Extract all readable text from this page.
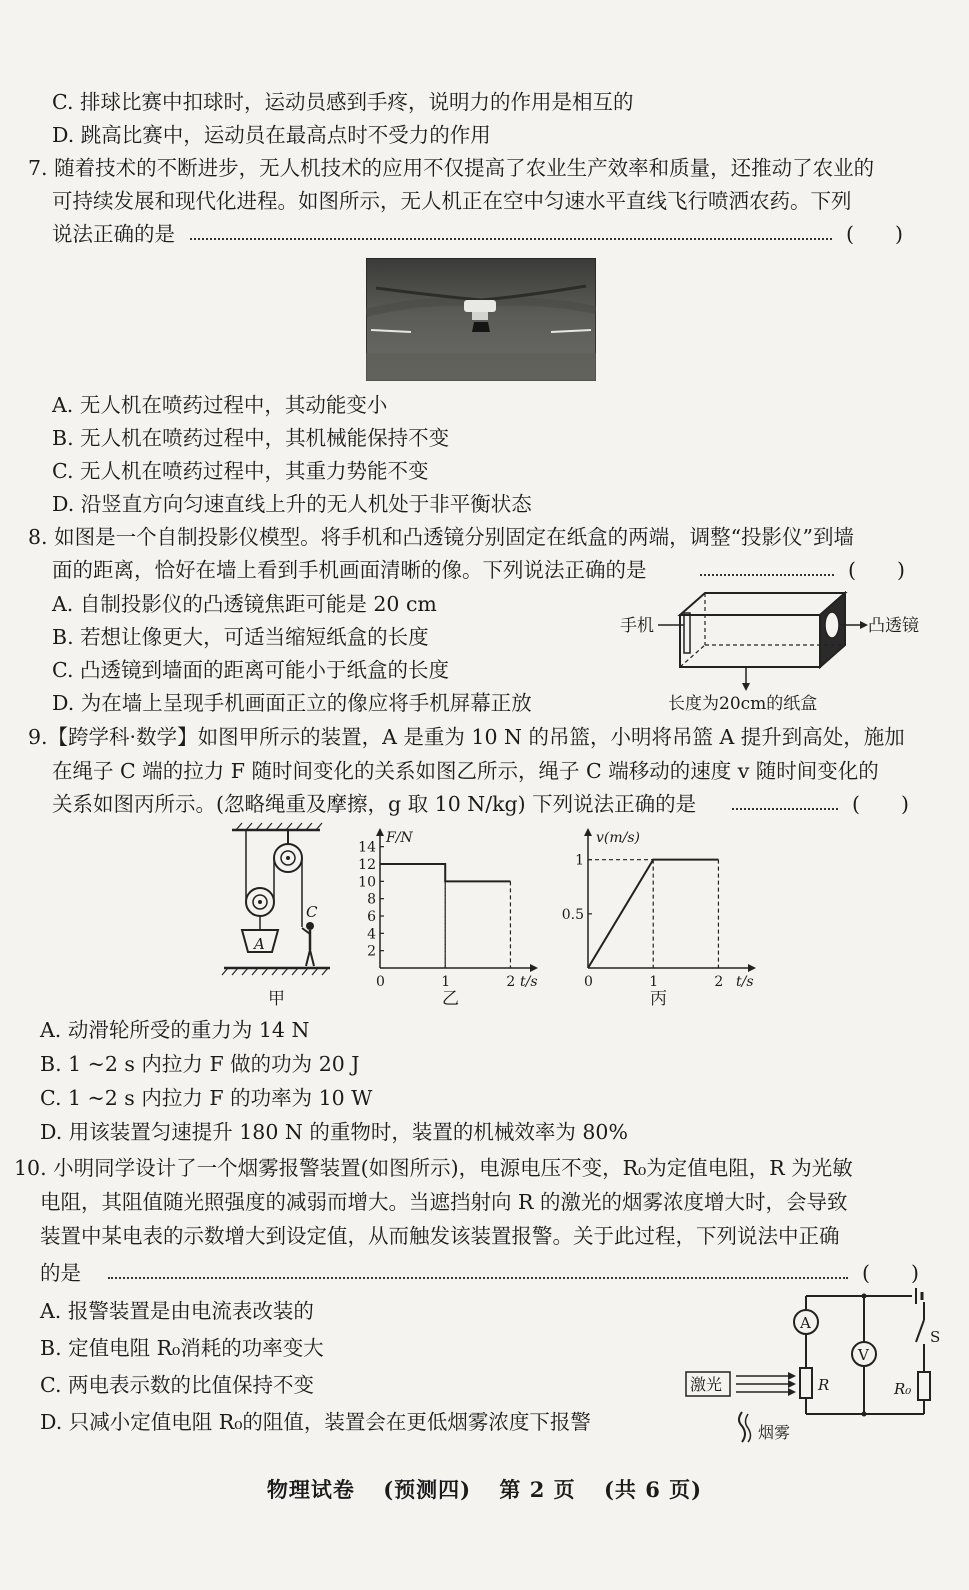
C. 排球比赛中扣球时，运动员感到手疼，说明力的作用是相互的
D. 跳高比赛中，运动员在最高点时不受力的作用
7. 随着技术的不断进步，无人机技术的应用不仅提高了农业生产效率和质量，还推动了农业的
可持续发展和现代化进程。如图所示，无人机正在空中匀速水平直线飞行喷洒农药。下列
说法正确的是	(　　)
A. 无人机在喷药过程中，其动能变小
B. 无人机在喷药过程中，其机械能保持不变
C. 无人机在喷药过程中，其重力势能不变
D. 沿竖直方向匀速直线上升的无人机处于非平衡状态
8. 如图是一个自制投影仪模型。将手机和凸透镜分别固定在纸盒的两端，调整“投影仪”到墙
面的距离，恰好在墙上看到手机画面清晰的像。下列说法正确的是	(　　)
A. 自制投影仪的凸透镜焦距可能是 20 cm
B. 若想让像更大，可适当缩短纸盒的长度
C. 凸透镜到墙面的距离可能小于纸盒的长度
D. 为在墙上呈现手机画面正立的像应将手机屏幕正放
手机	凸透镜
长度为20cm的纸盒
9.【跨学科·数学】如图甲所示的装置，A 是重为 10 N 的吊篮，小明将吊篮 A 提升到高处，施加
在绳子 C 端的拉力 F 随时间变化的关系如图乙所示，绳子 C 端移动的速度 v 随时间变化的
关系如图丙所示。(忽略绳重及摩擦，g 取 10 N/kg) 下列说法正确的是	(　　)
A
C
甲
0	1	2
2
4
6
8
10
12
14
F/N
t/s
乙
0	1	2
0.5
1
v(m/s)
t/s
丙
A. 动滑轮所受的重力为 14 N
B. 1 ~2 s 内拉力 F 做的功为 20 J
C. 1 ~2 s 内拉力 F 的功率为 10 W
D. 用该装置匀速提升 180 N 的重物时，装置的机械效率为 80%
10. 小明同学设计了一个烟雾报警装置(如图所示)，电源电压不变，R₀为定值电阻，R 为光敏
电阻，其阻值随光照强度的减弱而增大。当遮挡射向 R 的激光的烟雾浓度增大时，会导致
装置中某电表的示数增大到设定值，从而触发该装置报警。关于此过程，下列说法中正确
的是	(　　)
A. 报警装置是由电流表改装的
B. 定值电阻 R₀消耗的功率变大
C. 两电表示数的比值保持不变
D. 只减小定值电阻 R₀的阻值，装置会在更低烟雾浓度下报警
A
R
V
S
R₀
激光
烟雾
物理试卷 (预测四) 第 2 页 (共 6 页)
